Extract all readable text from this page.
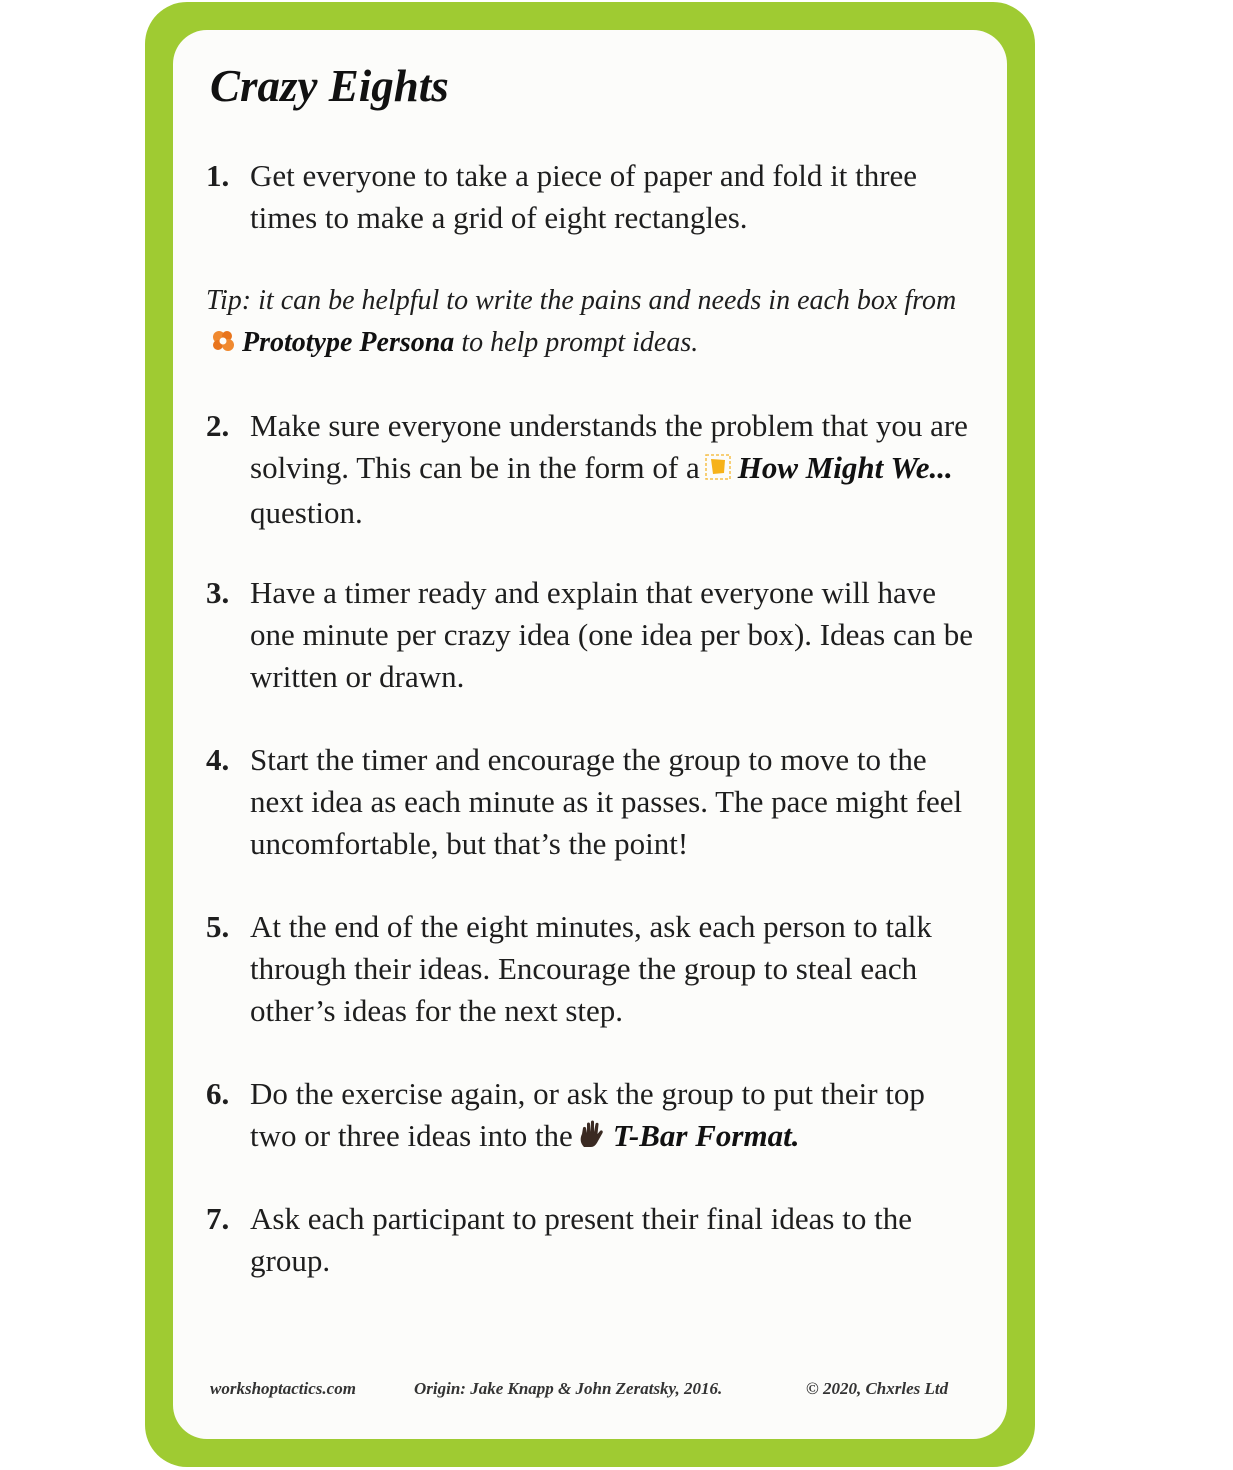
Crazy Eights
1. Get everyone to take a piece of paper and fold it three times to make a grid of eight rectangles.
Tip: it can be helpful to write the pains and needs in each box fromPrototype Persona to help prompt ideas.
2. Make sure everyone understands the problem that you are solving. This can be in the form of a How Might We... question.
3. Have a timer ready and explain that everyone will have one minute per crazy idea (one idea per box). Ideas can be written or drawn.
4. Start the timer and encourage the group to move to the next idea as each minute as it passes. The pace might feel uncomfortable, but that’s the point!
5. At the end of the eight minutes, ask each person to talk through their ideas. Encourage the group to steal each other’s ideas for the next step.
6. Do the exercise again, or ask the group to put their top two or three ideas into the T-Bar Format.
7. Ask each participant to present their final ideas to the group.
workshoptactics.com	Origin: Jake Knapp & John Zeratsky, 2016.	© 2020, Chxrles Ltd
